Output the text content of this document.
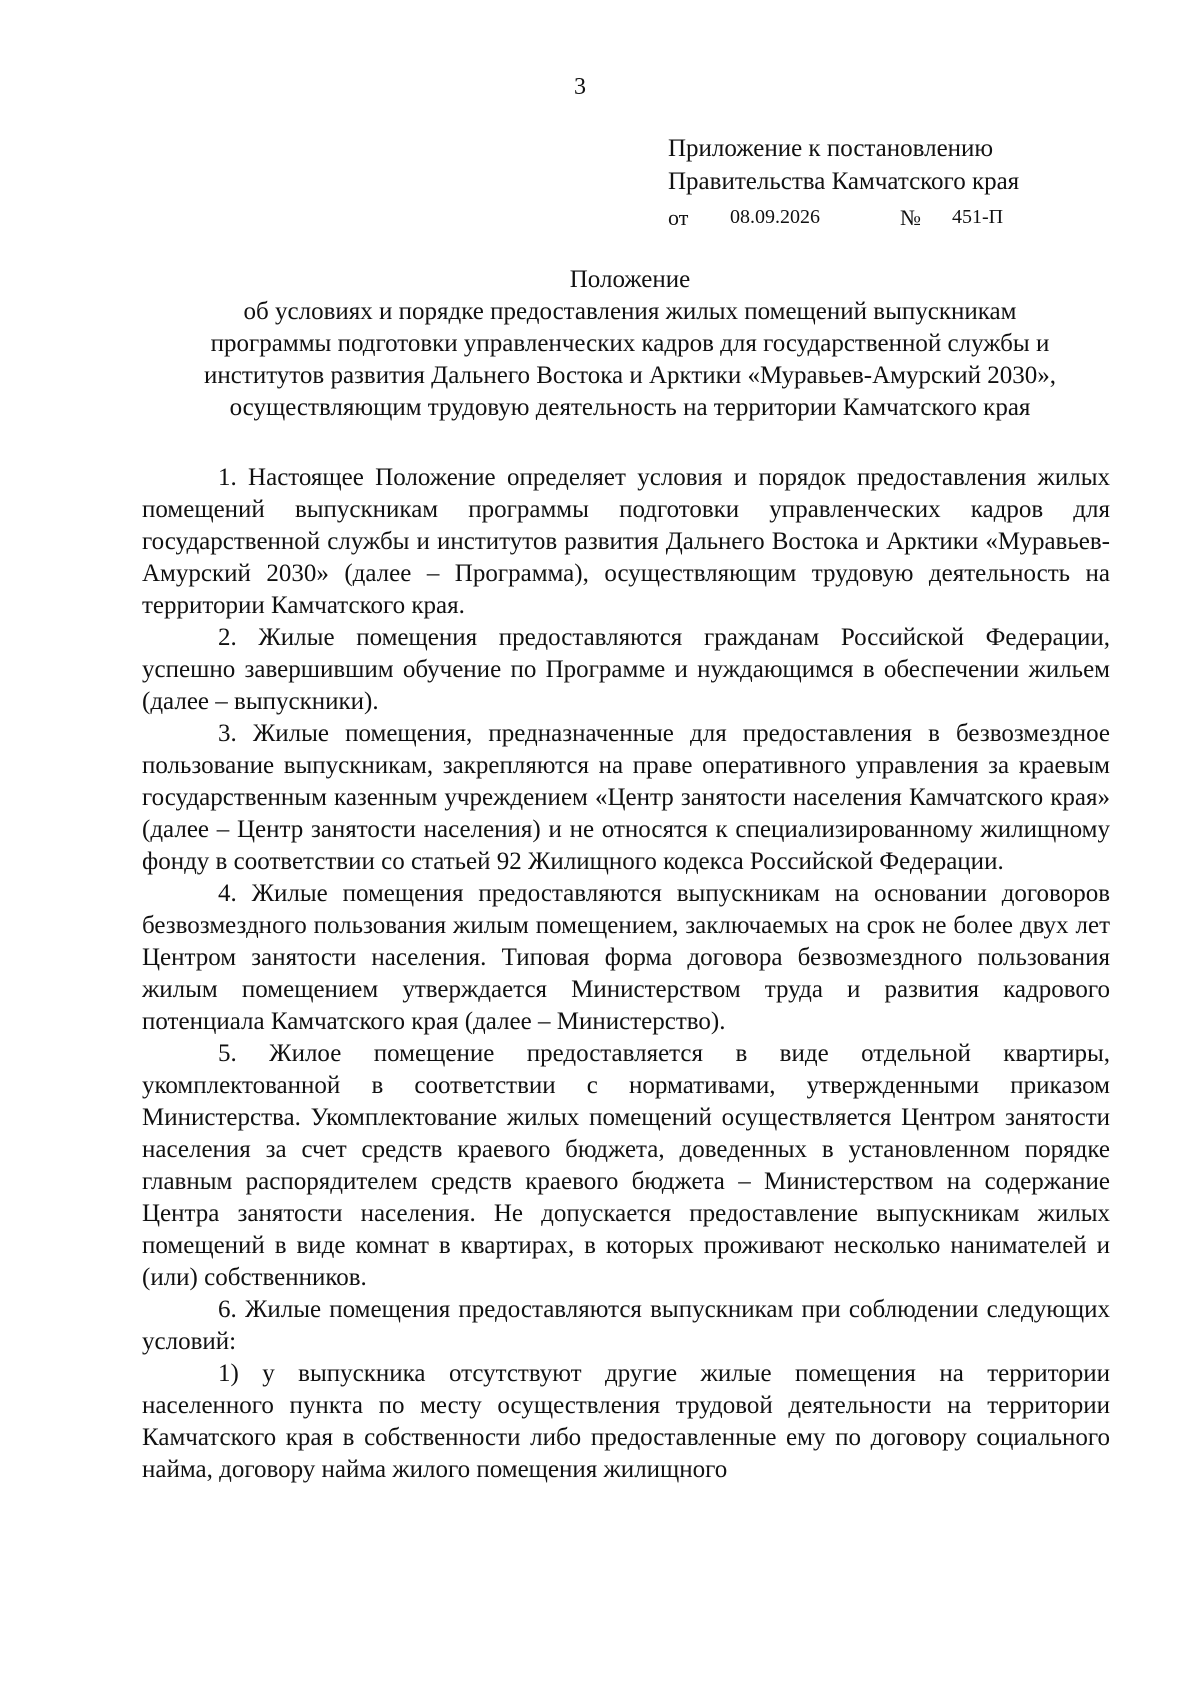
3
Приложение к постановлению
Правительства Камчатского края
от 08.09.2026	№ 451-П
Положение
об условиях и порядке предоставления жилых помещений выпускникам
программы подготовки управленческих кадров для государственной службы и
институтов развития Дальнего Востока и Арктики «Муравьев-Амурский 2030»,
осуществляющим трудовую деятельность на территории Камчатского края

1. Настоящее Положение определяет условия и порядок предоставления жилых помещений выпускникам программы подготовки управленческих кадров для государственной службы и институтов развития Дальнего Востока и Арктики «Муравьев-Амурский 2030» (далее – Программа), осуществляющим трудовую деятельность на территории Камчатского края.

2. Жилые помещения предоставляются гражданам Российской Федерации, успешно завершившим обучение по Программе и нуждающимся в обеспечении жильем (далее – выпускники).

3. Жилые помещения, предназначенные для предоставления в безвозмездное пользование выпускникам, закрепляются на праве оперативного управления за краевым государственным казенным учреждением «Центр занятости населения Камчатского края» (далее – Центр занятости населения) и не относятся к специализированному жилищному фонду в соответствии со статьей 92 Жилищного кодекса Российской Федерации.

4. Жилые помещения предоставляются выпускникам на основании договоров безвозмездного пользования жилым помещением, заключаемых на срок не более двух лет Центром занятости населения. Типовая форма договора безвозмездного пользования жилым помещением утверждается Министерством труда и развития кадрового потенциала Камчатского края (далее – Министерство).

5. Жилое помещение предоставляется в виде отдельной квартиры, укомплектованной в соответствии с нормативами, утвержденными приказом Министерства. Укомплектование жилых помещений осуществляется Центром занятости населения за счет средств краевого бюджета, доведенных в установленном порядке главным распорядителем средств краевого бюджета – Министерством на содержание Центра занятости населения. Не допускается предоставление выпускникам жилых помещений в виде комнат в квартирах, в которых проживают несколько нанимателей и (или) собственников.

6. Жилые помещения предоставляются выпускникам при соблюдении следующих условий:

1) у выпускника отсутствуют другие жилые помещения на территории населенного пункта по месту осуществления трудовой деятельности на территории Камчатского края в собственности либо предоставленные ему по договору социального найма, договору найма жилого помещения жилищного
